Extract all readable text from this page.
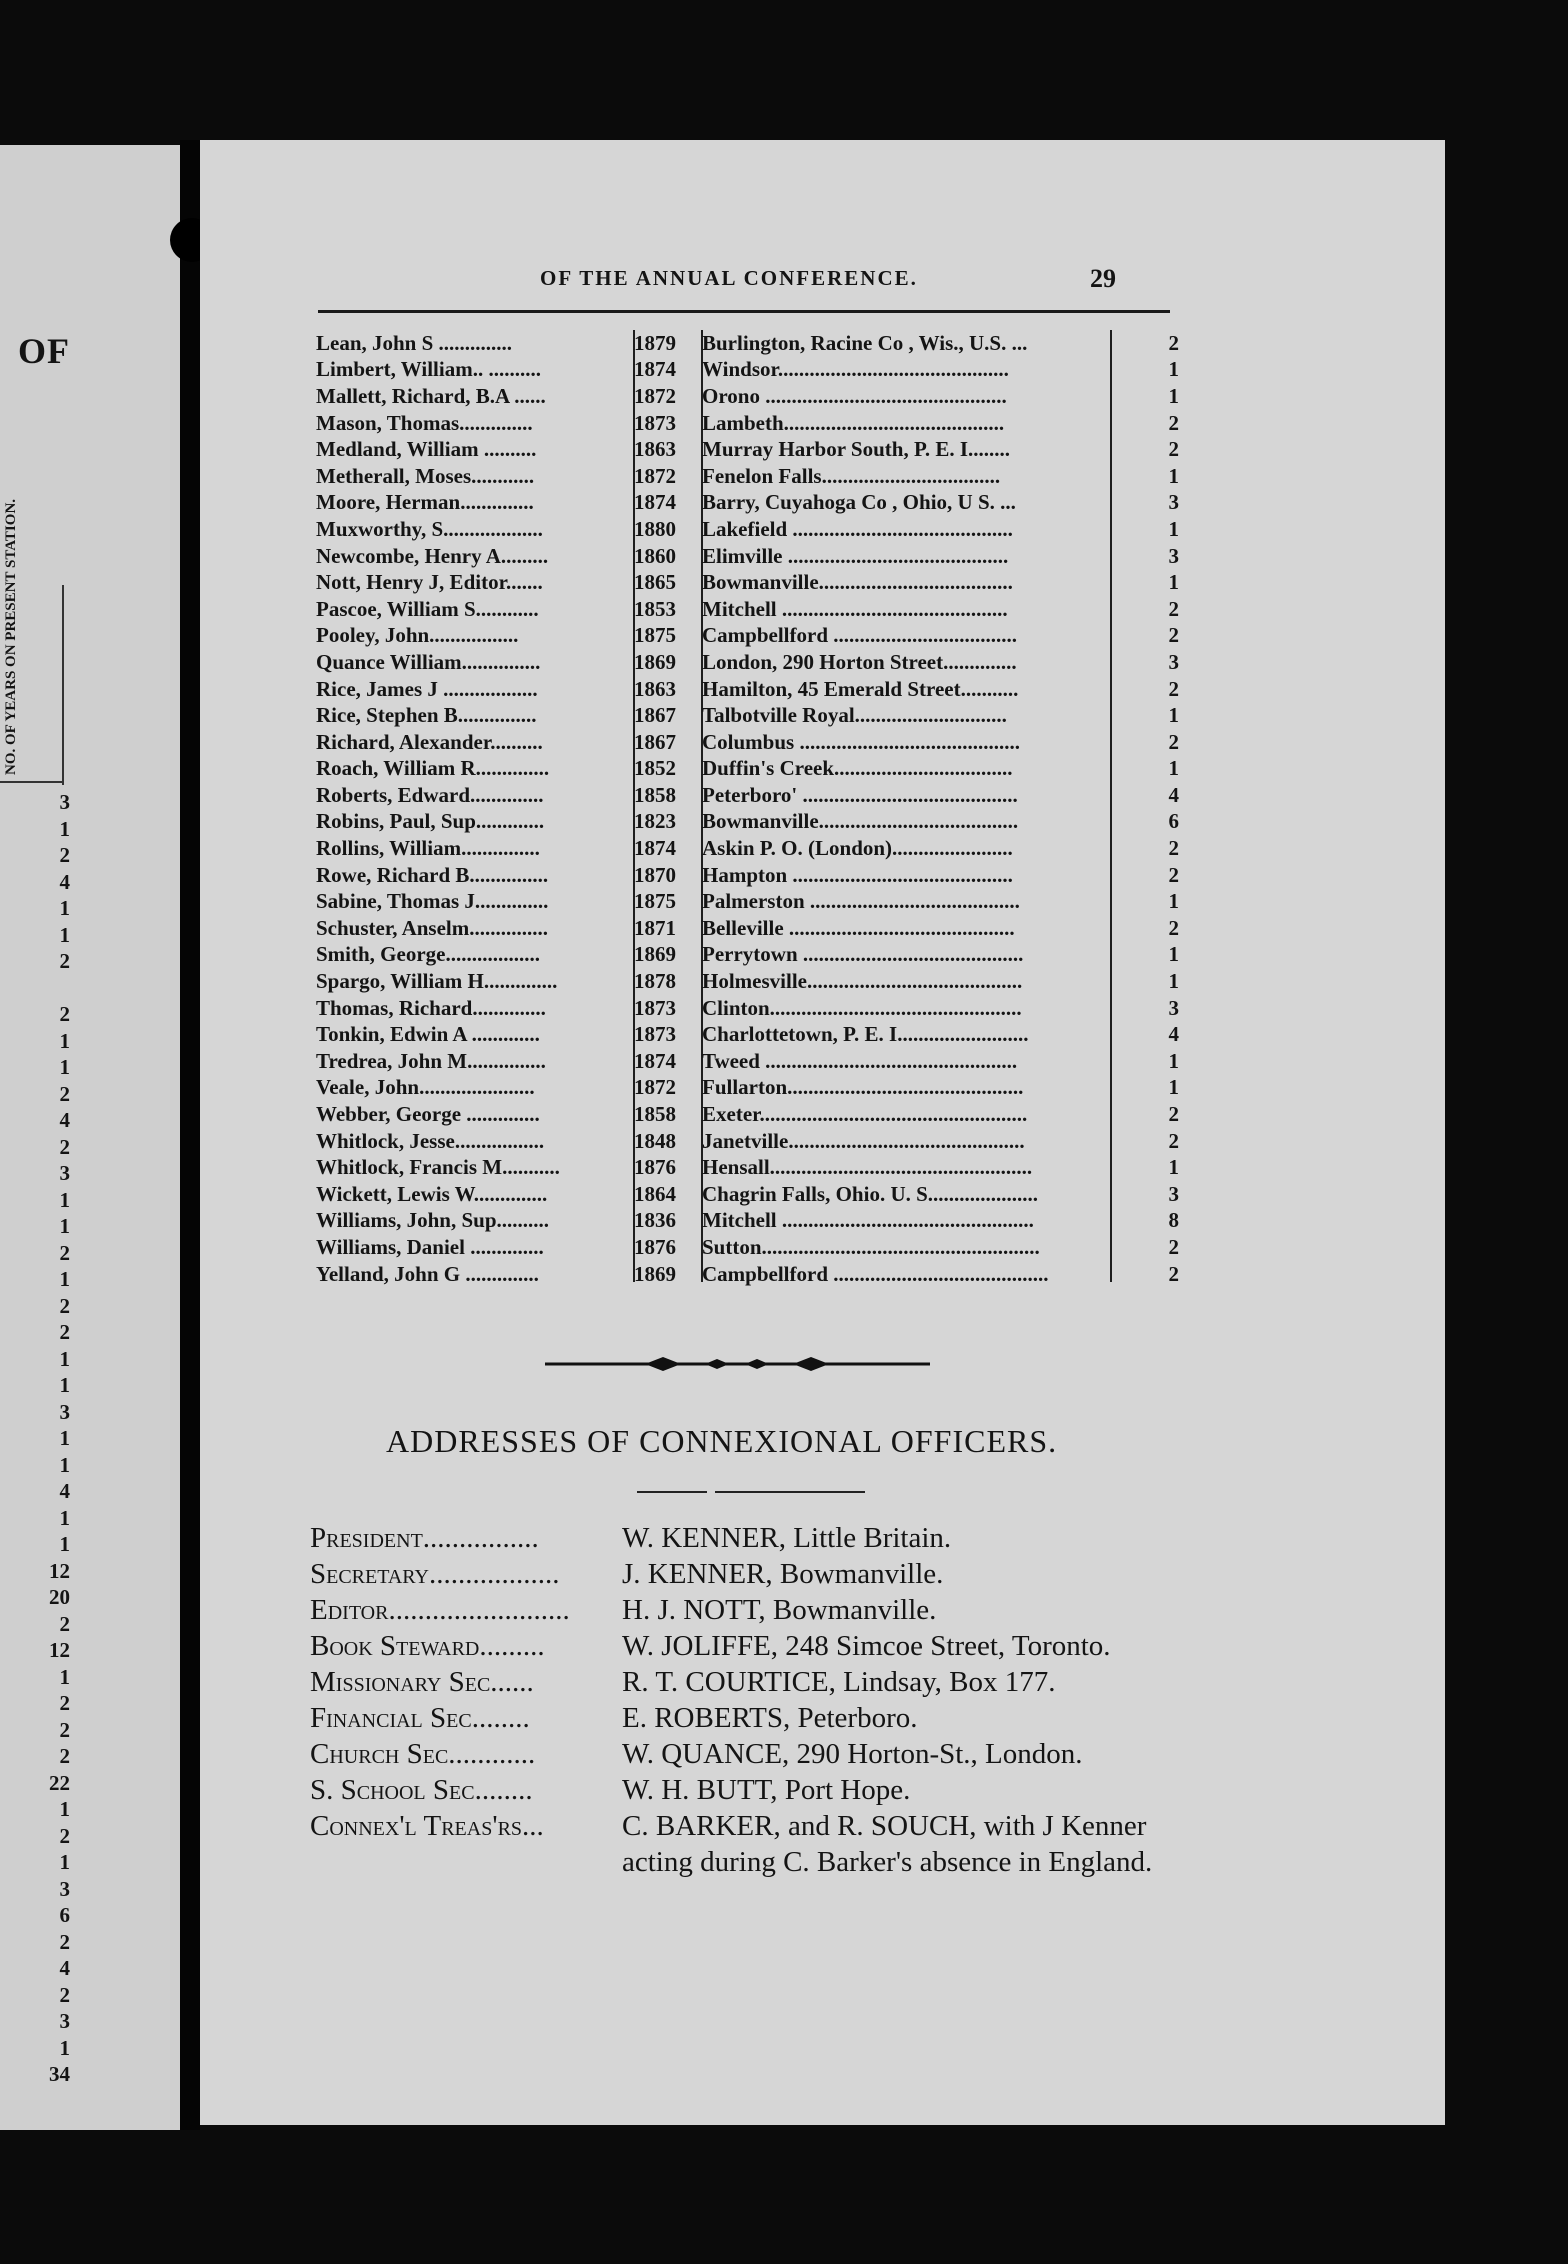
OF
NO. OF YEARS ON PRESENT STATION.
3
1
2
4
1
1
2
2
1
1
2
4
2
3
1
1
2
1
2
2
1
1
3
1
1
4
1
1
12
20
2
12
1
2
2
2
22
1
2
1
3
6
2
4
2
3
1
34
OF THE ANNUAL CONFERENCE.	29
Lean, John S ..............	1879	Burlington, Racine Co , Wis., U.S. ...	2
Limbert, William.. ..........	1874	Windsor............................................	1
Mallett, Richard, B.A ......	1872	Orono ..............................................	1
Mason, Thomas..............	1873	Lambeth..........................................	2
Medland, William ..........	1863	Murray Harbor South, P. E. I........	2
Metherall, Moses............	1872	Fenelon Falls..................................	1
Moore, Herman..............	1874	Barry, Cuyahoga Co , Ohio, U S. ...	3
Muxworthy, S...................	1880	Lakefield ..........................................	1
Newcombe, Henry A.........	1860	Elimville ..........................................	3
Nott, Henry J, Editor.......	1865	Bowmanville.....................................	1
Pascoe, William S............	1853	Mitchell ...........................................	2
Pooley, John.................	1875	Campbellford ...................................	2
Quance William...............	1869	London, 290 Horton Street..............	3
Rice, James J ..................	1863	Hamilton, 45 Emerald Street...........	2
Rice, Stephen B...............	1867	Talbotville Royal.............................	1
Richard, Alexander..........	1867	Columbus ..........................................	2
Roach, William R..............	1852	Duffin's Creek..................................	1
Roberts, Edward..............	1858	Peterboro' .........................................	4
Robins, Paul, Sup.............	1823	Bowmanville......................................	6
Rollins, William...............	1874	Askin P. O. (London).......................	2
Rowe, Richard B...............	1870	Hampton ..........................................	2
Sabine, Thomas J..............	1875	Palmerston ........................................	1
Schuster, Anselm...............	1871	Belleville ...........................................	2
Smith, George..................	1869	Perrytown ..........................................	1
Spargo, William H..............	1878	Holmesville.........................................	1
Thomas, Richard..............	1873	Clinton................................................	3
Tonkin, Edwin A .............	1873	Charlottetown, P. E. I.........................	4
Tredrea, John M...............	1874	Tweed ................................................	1
Veale, John......................	1872	Fullarton.............................................	1
Webber, George ..............	1858	Exeter...................................................	2
Whitlock, Jesse.................	1848	Janetville.............................................	2
Whitlock, Francis M...........	1876	Hensall..................................................	1
Wickett, Lewis W..............	1864	Chagrin Falls, Ohio. U. S.....................	3
Williams, John, Sup..........	1836	Mitchell ................................................	8
Williams, Daniel ..............	1876	Sutton.....................................................	2
Yelland, John G ..............	1869	Campbellford .........................................	2
ADDRESSES OF CONNEXIONAL OFFICERS.
President................	W. KENNER, Little Britain.
Secretary..................	J. KENNER, Bowmanville.
Editor.........................	H. J. NOTT, Bowmanville.
Book Steward.........	W. JOLIFFE, 248 Simcoe Street, Toronto.
Missionary Sec......	R. T. COURTICE, Lindsay, Box 177.
Financial Sec........	E. ROBERTS, Peterboro.
Church Sec............	W. QUANCE, 290 Horton-St., London.
S. School Sec........	W. H. BUTT, Port Hope.
Connex'l Treas'rs...	C. BARKER, and R. SOUCH, with J Kenner acting during C. Barker's absence in England.
